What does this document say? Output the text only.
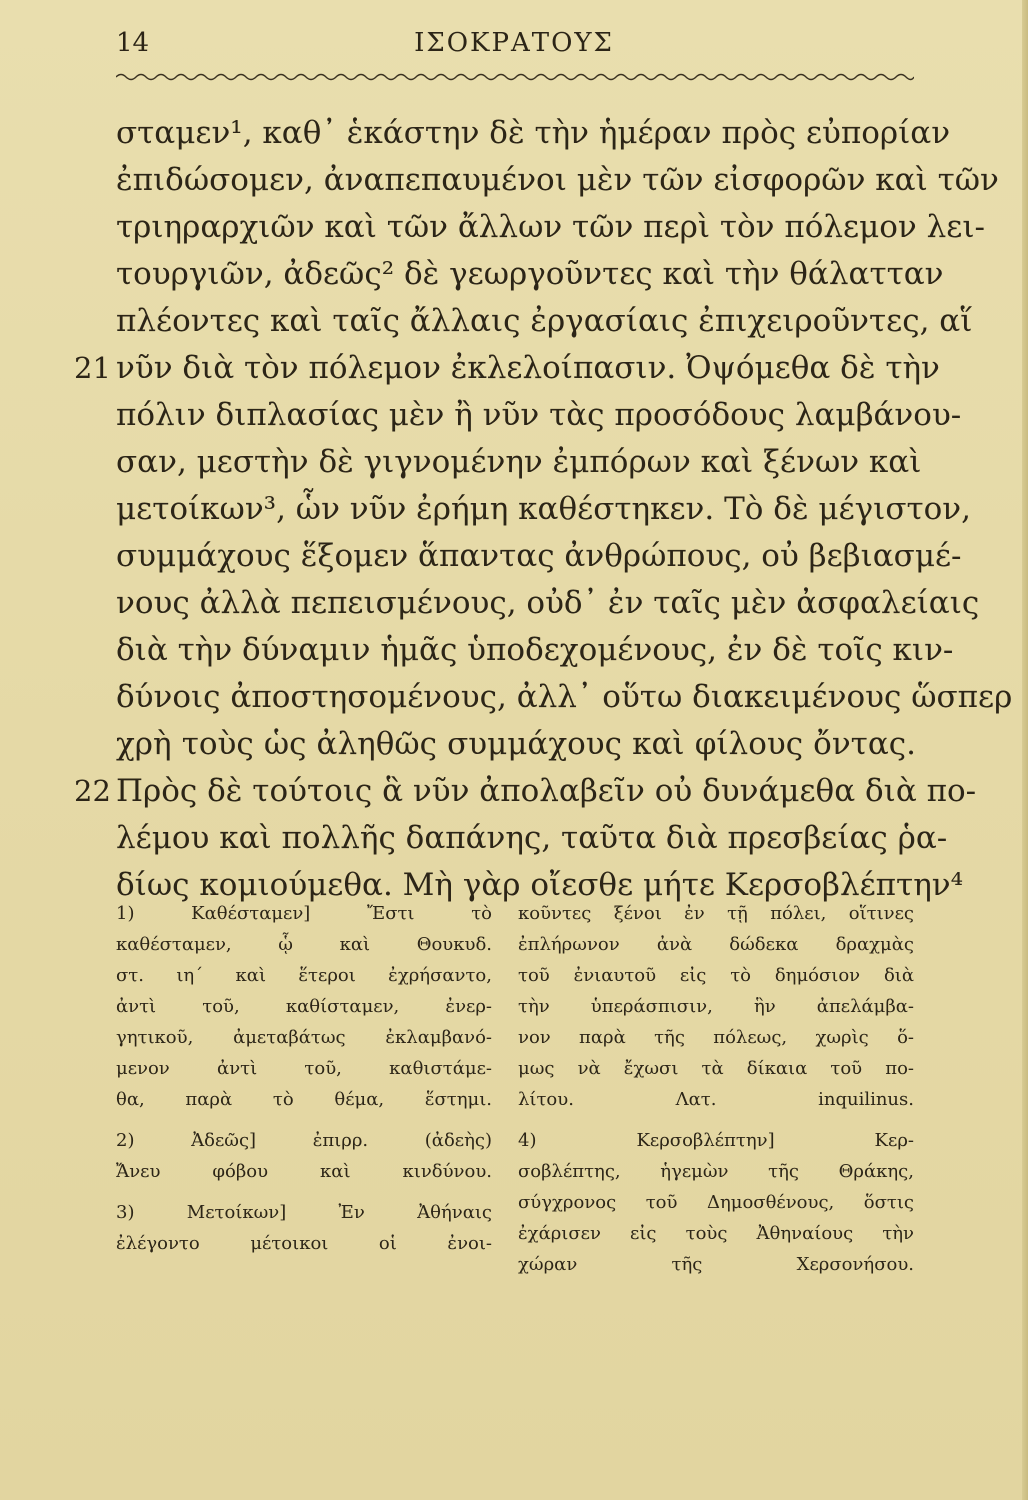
14	ΙΣΟΚΡΑΤΟΥΣ
σταμεν¹, καθ᾽ ἑκάστην δὲ τὴν ἡμέραν πρὸς εὐπορίαν
ἐπιδώσομεν, ἀναπεπαυμένοι μὲν τῶν εἰσφορῶν καὶ τῶν
τριηραρχιῶν καὶ τῶν ἄλλων τῶν περὶ τὸν πόλεμον λει-
τουργιῶν, ἀδεῶς² δὲ γεωργοῦντες καὶ τὴν θάλατταν
πλέοντες καὶ ταῖς ἄλλαις ἐργασίαις ἐπιχειροῦντες, αἵ
21 νῦν διὰ τὸν πόλεμον ἐκλελοίπασιν. Ὀψόμεθα δὲ τὴν
πόλιν διπλασίας μὲν ἢ νῦν τὰς προσόδους λαμβάνου-
σαν, μεστὴν δὲ γιγνομένην ἐμπόρων καὶ ξένων καὶ
μετοίκων³, ὧν νῦν ἐρήμη καθέστηκεν. Τὸ δὲ μέγιστον,
συμμάχους ἕξομεν ἅπαντας ἀνθρώπους, οὐ βεβιασμέ-
νους ἀλλὰ πεπεισμένους, οὐδ᾽ ἐν ταῖς μὲν ἀσφαλείαις
διὰ τὴν δύναμιν ἡμᾶς ὑποδεχομένους, ἐν δὲ τοῖς κιν-
δύνοις ἀποστησομένους, ἀλλ᾽ οὕτω διακειμένους ὥσπερ
χρὴ τοὺς ὡς ἀληθῶς συμμάχους καὶ φίλους ὄντας.
22 Πρὸς δὲ τούτοις ἃ νῦν ἀπολαβεῖν οὐ δυνάμεθα διὰ πο-
λέμου καὶ πολλῆς δαπάνης, ταῦτα διὰ πρεσβείας ῥα-
δίως κομιούμεθα. Μὴ γὰρ οἴεσθε μήτε Κερσοβλέπτην⁴
1) Καθέσταμεν] Ἔστι τὸ
καθέσταμεν, ᾧ καὶ Θουκυδ.
στ. ιη´ καὶ ἕτεροι ἐχρήσαντο,
ἀντὶ τοῦ, καθίσταμεν, ἐνερ-
γητικοῦ, ἀμεταβάτως ἐκλαμβανό-
μενον ἀντὶ τοῦ, καθιστάμε-
θα, παρὰ τὸ θέμα, ἕστημι.
2) Ἀδεῶς] ἐπιρρ. (ἀδεὴς)
Ἄνευ φόβου καὶ κινδύνου.
3) Μετοίκων] Ἐν Ἀθήναις
ἐλέγοντο μέτοικοι οἱ ἐνοι-
κοῦντες ξένοι ἐν τῇ πόλει, οἵτινες
ἐπλήρωνον ἀνὰ δώδεκα δραχμὰς
τοῦ ἐνιαυτοῦ εἰς τὸ δημόσιον διὰ
τὴν ὑπεράσπισιν, ἣν ἀπελάμβα-
νον παρὰ τῆς πόλεως, χωρὶς ὅ-
μως νὰ ἔχωσι τὰ δίκαια τοῦ πο-
λίτου. Λατ. inquilinus.
4) Κερσοβλέπτην] Κερ-
σοβλέπτης, ἡγεμὼν τῆς Θράκης,
σύγχρονος τοῦ Δημοσθένους, ὅστις
ἐχάρισεν εἰς τοὺς Ἀθηναίους τὴν
χώραν τῆς Χερσονήσου.
